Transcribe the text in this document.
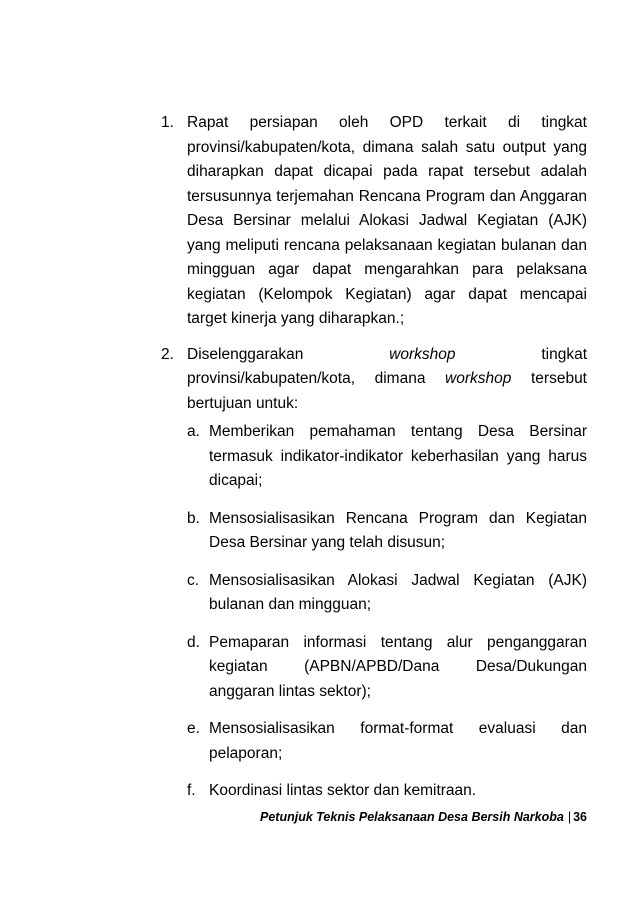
1. Rapat persiapan oleh OPD terkait di tingkat provinsi/kabupaten/kota, dimana salah satu output yang diharapkan dapat dicapai pada rapat tersebut adalah tersusunnya terjemahan Rencana Program dan Anggaran Desa Bersinar melalui Alokasi Jadwal Kegiatan (AJK) yang meliputi rencana pelaksanaan kegiatan bulanan dan mingguan agar dapat mengarahkan para pelaksana kegiatan (Kelompok Kegiatan) agar dapat mencapai target kinerja yang diharapkan.;
2. Diselenggarakan	workshop	tingkat provinsi/kabupaten/kota, dimana workshop tersebut bertujuan untuk:
a. Memberikan pemahaman tentang Desa Bersinar termasuk indikator-indikator keberhasilan yang harus dicapai;
b. Mensosialisasikan Rencana Program dan Kegiatan Desa Bersinar yang telah disusun;
c. Mensosialisasikan Alokasi Jadwal Kegiatan (AJK) bulanan dan mingguan;
d. Pemaparan informasi tentang alur penganggaran kegiatan (APBN/APBD/Dana Desa/Dukungan anggaran lintas sektor);
e. Mensosialisasikan format-format evaluasi dan pelaporan;
f. Koordinasi lintas sektor dan kemitraan.
Petunjuk Teknis Pelaksanaan Desa Bersih Narkoba | 36
